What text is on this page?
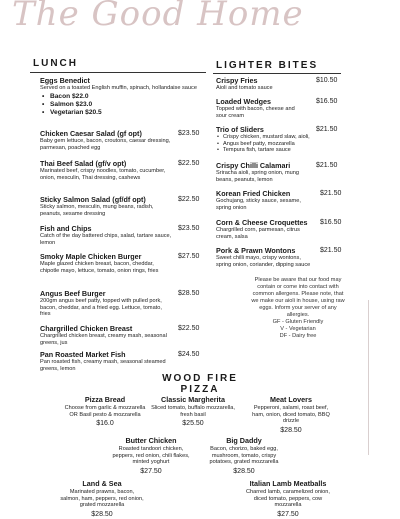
The Good Home
LUNCH
Eggs Benedict
Served on a toasted English muffin, spinach, hollandaise sauce
• Bacon $22.0
• Salmon $23.0
• Vegetarian $20.5
Chicken Caesar Salad (gf opt)
Baby gem lettuce, bacon, croutons, caesar dressing, parmesan, poached egg
$23.50
Thai Beef Salad (gf/v opt)
Marinated beef, crispy noodles, tomato, cucumber, onion, mesculin, Thai dressing, cashews
$22.50
Sticky Salmon Salad (gf/df opt)
Sticky salmon, mesculin, mung beans, radish, peanuts, sesame dressing
$22.50
Fish and Chips
Catch of the day battered chips, salad, tartare sauce, lemon
$23.50
Smoky Maple Chicken Burger
Maple glazed chicken breast, bacon, cheddar, chipotle mayo, lettuce, tomato, onion rings, fries
$27.50
Angus Beef Burger
200gm angus beef patty, topped with pulled pork, bacon, cheddar, and a fried egg. Lettuce, tomato, fries
$28.50
Chargrilled Chicken Breast
Chargrilled chicken breast, creamy mash, seasonal greens, jus
$22.50
Pan Roasted Market Fish
Pan roasted fish, creamy mash, seasonal steamed greens, lemon
$24.50
LIGHTER BITES
Crispy Fries
Aioli and tomato sauce
$10.50
Loaded Wedges
Topped with bacon, cheese and sour cream
$16.50
Trio of Sliders
• Crispy chicken, mustard slaw, aioli,
• Angus beef patty, mozzarella
• Tempura fish, tartare sauce
$21.50
Crispy Chilli Calamari
Sriracha aioli, spring onion, mung beans, peanuts, lemon
$21.50
Korean Fried Chicken
Gochujang, sticky sauce, sesame, spring onion
$21.50
Corn & Cheese Croquettes
Chargrilled corn, parmesan, citrus cream, salsa
$16.50
Pork & Prawn Wontons
Sweet chilli mayo, crispy wontons, spring onion, coriander, dipping sauce
$21.50
Please be aware that our food may contain or come into contact with common allergens. Please note, that we make our aioli in house, using raw eggs. Inform your server of any allergies.
GF - Gluten Friendly
V - Vegetarian
DF - Dairy free
WOOD FIRE
PIZZA
Pizza Bread
Choose from garlic & mozzarella OR Basil pesto & mozzarella
$16.0
Classic Margherita
Sliced tomato, buffalo mozzarella, fresh basil
$25.50
Meat Lovers
Pepperoni, salami, roast beef, ham, onion, diced tomato, BBQ drizzle
$28.50
Butter Chicken
Roasted tandoori chicken, peppers, red onion, chili flakes, minted yoghurt
$27.50
Big Daddy
Bacon, chorizo, baked egg, mushroom, tomato, crispy potatoes, grated mozzarella
$28.50
Land & Sea
Marinated prawns, bacon, salmon, ham, peppers, red onion, grated mozzarella
$28.50
Italian Lamb Meatballs
Charred lamb, caramelized onion, diced tomato, peppers, cow mozzarella
$27.50
